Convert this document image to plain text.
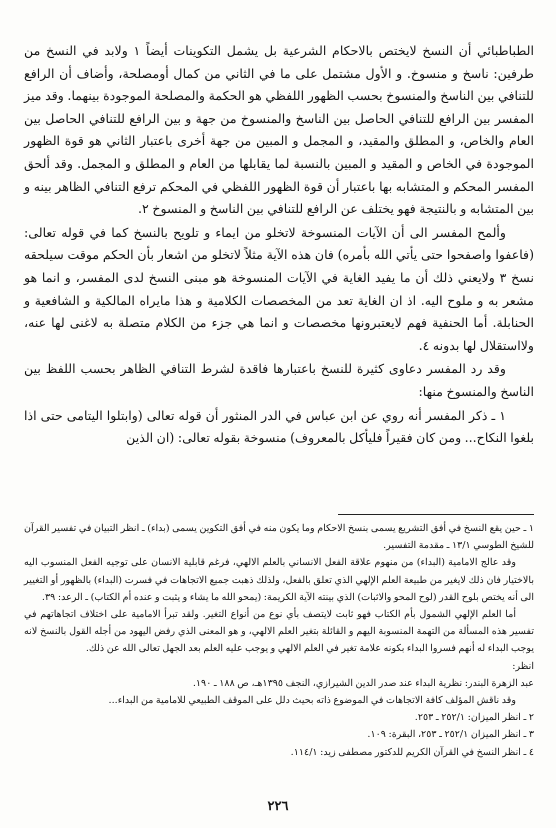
الطباطبائي أن النسخ لايختص بالاحكام الشرعية بل يشمل التكوينات أيضاً ١ ولابد في النسخ من طرفين: ناسخ و منسوخ. و الأول مشتمل على ما في الثاني من كمال أومصلحة، وأضاف أن الرافع للتنافي بين الناسخ والمنسوخ بحسب الظهور اللفظي هو الحكمة والمصلحة الموجودة بينهما. وقد ميز المفسر بين الرافع للتنافي الحاصل بين الناسخ والمنسوخ من جهة و بين الرافع للتنافي الحاصل بين العام والخاص، و المطلق والمقيد، و المجمل و المبين من جهة أخرى باعتبار الثاني هو قوة الظهور الموجودة في الخاص و المقيد و المبين بالنسبة لما يقابلها من العام و المطلق و المجمل. وقد ألحق المفسر المحكم و المتشابه بها باعتبار أن قوة الظهور اللفظي في المحكم ترفع التنافي الظاهر بينه و بين المتشابه و بالنتيجة فهو يختلف عن الرافع للتنافي بين الناسخ و المنسوخ ٢.

وألمح المفسر الى أن الآيات المنسوخة لاتخلو من ايماء و تلويح بالنسخ كما في قوله تعالى: (فاعفوا واصفحوا حتى يأتي الله بأمره) فان هذه الآية مثلاً لاتخلو من اشعار بأن الحكم موقت سيلحقه نسخ ٣ ولايعني ذلك أن ما يفيد الغاية في الآيات المنسوخة هو مبنى النسخ لدى المفسر، و انما هو مشعر به و ملوح اليه. اذ ان الغاية تعد من المخصصات الكلامية و هذا مايراه المالكية و الشافعية و الحنابلة. أما الحنفية فهم لايعتبرونها مخصصات و انما هي جزء من الكلام متصلة به لاغنى لها عنه، ولااستقلال لها بدونه ٤.

وقد رد المفسر دعاوى كثيرة للنسخ باعتبارها فاقدة لشرط التنافي الظاهر بحسب اللفظ بين الناسخ والمنسوخ منها:

١ ـ ذكر المفسر أنه روي عن ابن عباس في الدر المنثور أن قوله تعالى (وابتلوا اليتامى حتى اذا بلغوا النكاح... ومن كان فقيراً فليأكل بالمعروف) منسوخة بقوله تعالى: (ان الذين

١ ـ حين يقع النسخ في أفق التشريع يسمى بنسخ الاحكام وما يكون منه في أفق التكوين يسمى (بداء) ـ انظر التبيان في تفسير القرآن للشيخ الطوسي ١٣/١ ـ مقدمة التفسير.

وقد عالج الامامية (البداء) من منهوم علاقة الفعل الانساني بالعلم الالهي، فرغم قابلية الانسان على توجيه الفعل المنسوب اليه بالاختيار فان ذلك لايغير من طبيعة العلم الإلهي الذي تعلق بالفعل، ولذلك ذهبت جميع الاتجاهات في فسرت (البداء) بالظهور أو التغيير الى أنه يختص بلوح القدر (لوح المحو والاثبات) الذي بينته الآية الكريمة: (يمحو الله ما يشاء و يثبت و عنده أم الكتاب) ـ الرعد: ٣٩.

أما العلم الإلهي الشمول بأم الكتاب فهو ثابت لايتصف بأي نوع من أنواع التغير. ولقد تبرأ الامامية على اختلاف اتجاهاتهم في تفسير هذه المسألة من التهمة المنسوبة اليهم و القائلة بتغير العلم الالهي، و هو المعنى الذي رفض اليهود من أجله القول بالنسخ لانه يوجب البداء له أنهم فسروا البداء بكونه علامة تغير في العلم الالهي و يوجب عليه العلم بعد الجهل تعالى الله عن ذلك.

انظر:

عبد الزهرة البندر: نظرية البداء عند صدر الدين الشيرازي، النجف ١٣٩٥هـ، ص ١٨٨ ـ ١٩٠.

وقد ناقش المؤلف كافة الاتجاهات في الموضوع ذاته بحيث دلل على الموقف الطبيعي للامامية من البداء...

٢ ـ انظر الميزان: ٢٥٢/١ ـ ٢٥٣.

٣ ـ انظر الميزان ٢٥٢/١ ـ ٢٥٣، البقرة: ١٠٩.

٤ ـ انظر النسخ في القرآن الكريم للدكتور مصطفى زيد: ١١٤/١.

٢٢٦
